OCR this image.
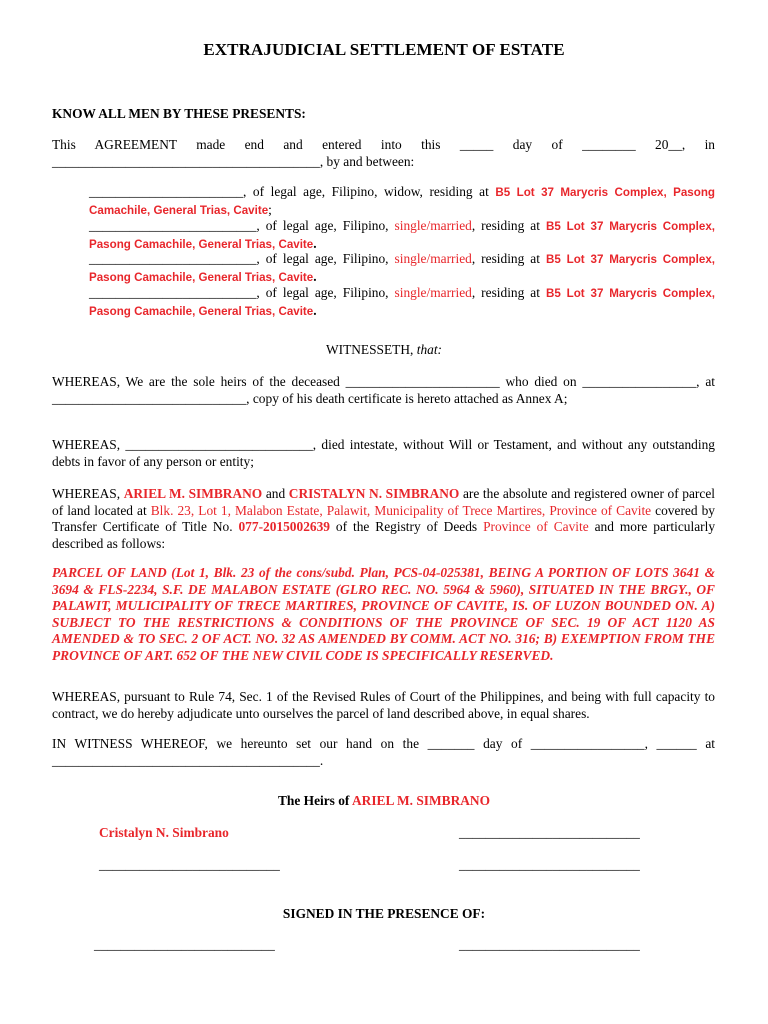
EXTRAJUDICIAL SETTLEMENT OF ESTATE
KNOW ALL MEN BY THESE PRESENTS:
This AGREEMENT made end and entered into this _____ day of ________ 20__, in
________________________________________, by and between:
_______________________, of legal age, Filipino, widow, residing at B5 Lot 37 Marycris Complex, Pasong Camachile, General Trias, Cavite;
_________________________, of legal age, Filipino, single/married, residing at B5 Lot 37 Marycris Complex, Pasong Camachile, General Trias, Cavite.
_________________________, of legal age, Filipino, single/married, residing at B5 Lot 37 Marycris Complex, Pasong Camachile, General Trias, Cavite.
_________________________, of legal age, Filipino, single/married, residing at B5 Lot 37 Marycris Complex, Pasong Camachile, General Trias, Cavite.
WITNESSETH, that:
WHEREAS, We are the sole heirs of the deceased _______________________ who died on _________________, at _____________________________, copy of his death certificate is hereto attached as Annex A;
WHEREAS, ____________________________, died intestate, without Will or Testament, and without any outstanding debts in favor of any person or entity;
WHEREAS, ARIEL M. SIMBRANO and CRISTALYN N. SIMBRANO are the absolute and registered owner of parcel of land located at Blk. 23, Lot 1, Malabon Estate, Palawit, Municipality of Trece Martires, Province of Cavite covered by Transfer Certificate of Title No. 077-2015002639 of the Registry of Deeds Province of Cavite and more particularly described as follows:
PARCEL OF LAND (Lot 1, Blk. 23 of the cons/subd. Plan, PCS-04-025381, BEING A PORTION OF LOTS 3641 & 3694 & FLS-2234, S.F. DE MALABON ESTATE (GLRO REC. NO. 5964 & 5960), SITUATED IN THE BRGY., OF PALAWIT, MULICIPALITY OF TRECE MARTIRES, PROVINCE OF CAVITE, IS. OF LUZON BOUNDED ON. A) SUBJECT TO THE RESTRICTIONS & CONDITIONS OF THE PROVINCE OF SEC. 19 OF ACT 1120 AS AMENDED & TO SEC. 2 OF ACT. NO. 32 AS AMENDED BY COMM. ACT NO. 316; B) EXEMPTION FROM THE PROVINCE OF ART. 652 OF THE NEW CIVIL CODE IS SPECIFICALLY RESERVED.
WHEREAS, pursuant to Rule 74, Sec. 1 of the Revised Rules of Court of the Philippines, and being with full capacity to contract, we do hereby adjudicate unto ourselves the parcel of land described above, in equal shares.
IN WITNESS WHEREOF, we hereunto set our hand on the _______ day of _________________, ______ at
________________________________________.
The Heirs of ARIEL M. SIMBRANO
Cristalyn N. Simbrano	___________________________
___________________________	___________________________
SIGNED IN THE PRESENCE OF:
___________________________	___________________________
